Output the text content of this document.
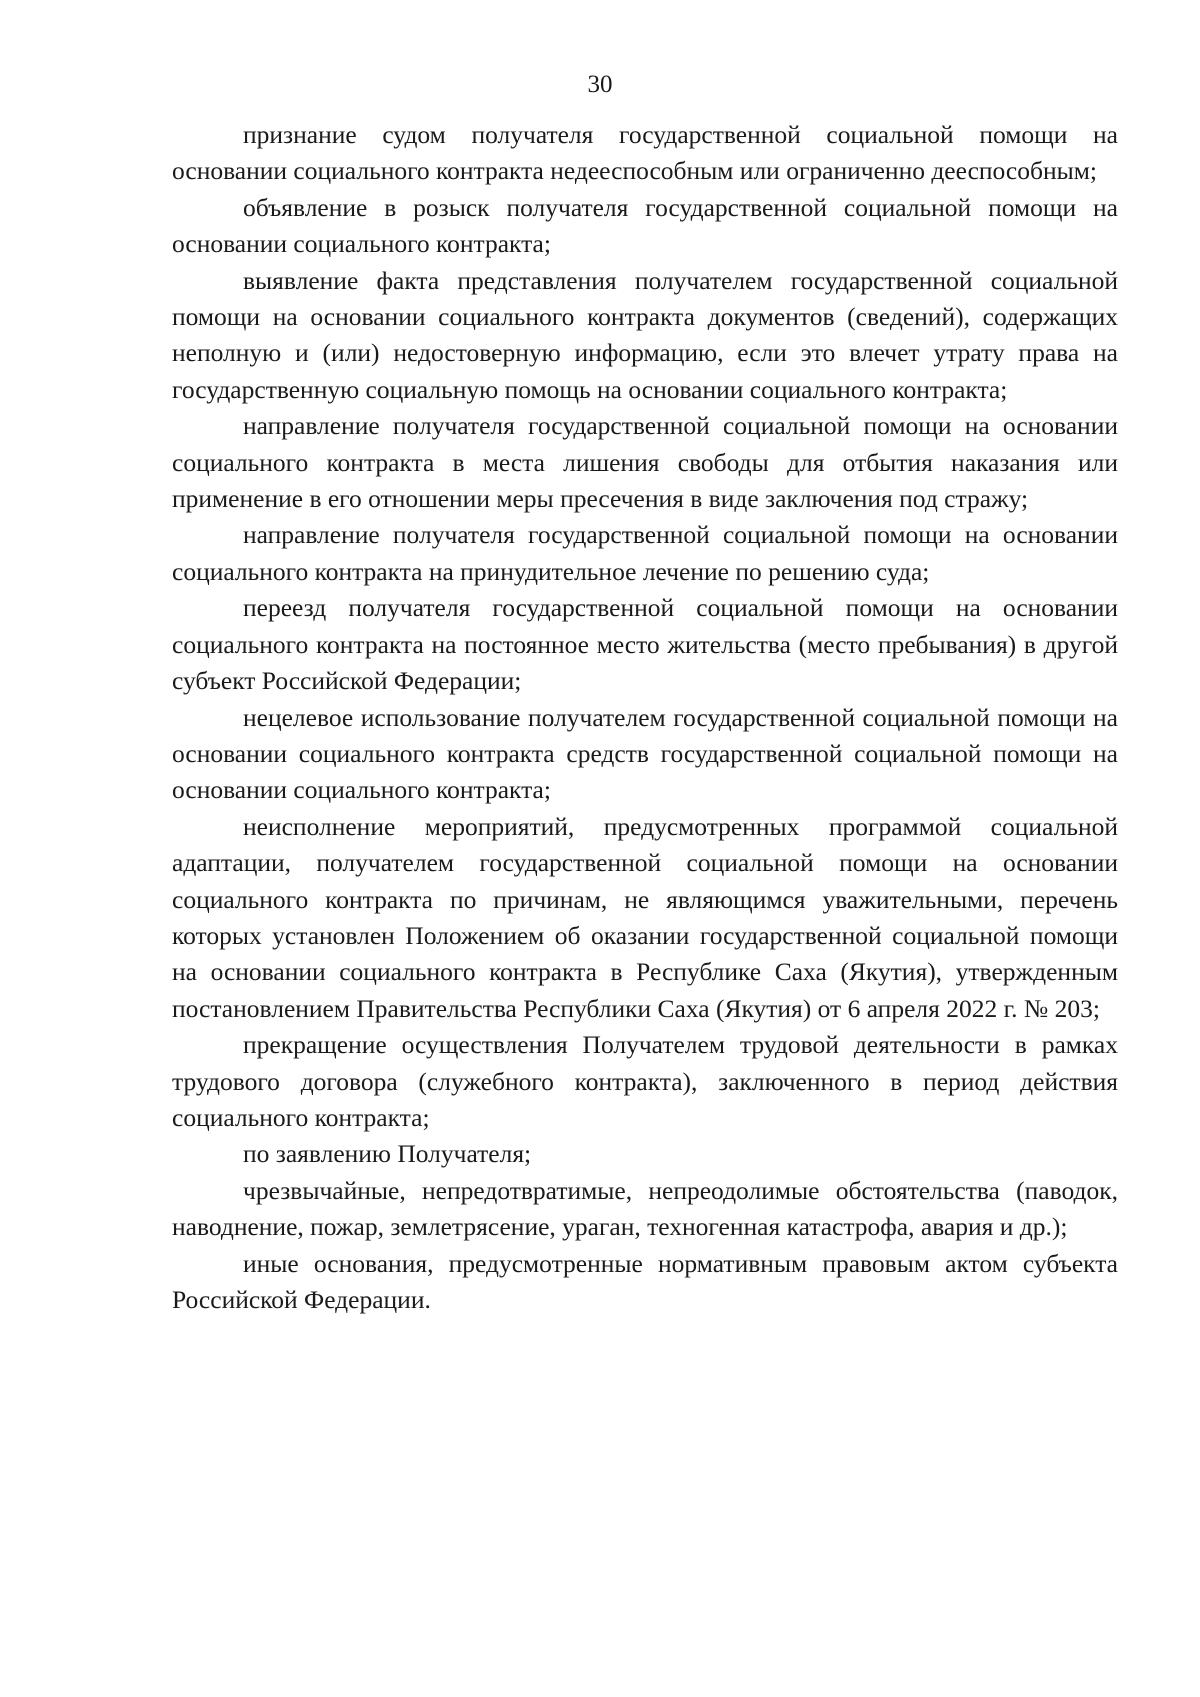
30

признание судом получателя государственной социальной помощи на основании социального контракта недееспособным или ограниченно дееспособным;

объявление в розыск получателя государственной социальной помощи на основании социального контракта;

выявление факта представления получателем государственной социальной помощи на основании социального контракта документов (сведений), содержащих неполную и (или) недостоверную информацию, если это влечет утрату права на государственную социальную помощь на основании социального контракта;

направление получателя государственной социальной помощи на основании социального контракта в места лишения свободы для отбытия наказания или применение в его отношении меры пресечения в виде заключения под стражу;

направление получателя государственной социальной помощи на основании социального контракта на принудительное лечение по решению суда;

переезд получателя государственной социальной помощи на основании социального контракта на постоянное место жительства (место пребывания) в другой субъект Российской Федерации;

нецелевое использование получателем государственной социальной помощи на основании социального контракта средств государственной социальной помощи на основании социального контракта;

неисполнение мероприятий, предусмотренных программой социальной адаптации, получателем государственной социальной помощи на основании социального контракта по причинам, не являющимся уважительными, перечень которых установлен Положением об оказании государственной социальной помощи на основании социального контракта в Республике Саха (Якутия), утвержденным постановлением Правительства Республики Саха (Якутия) от 6 апреля 2022 г. № 203;

прекращение осуществления Получателем трудовой деятельности в рамках трудового договора (служебного контракта), заключенного в период действия социального контракта;

по заявлению Получателя;

чрезвычайные, непредотвратимые, непреодолимые обстоятельства (паводок, наводнение, пожар, землетрясение, ураган, техногенная катастрофа, авария и др.);

иные основания, предусмотренные нормативным правовым актом субъекта Российской Федерации.
